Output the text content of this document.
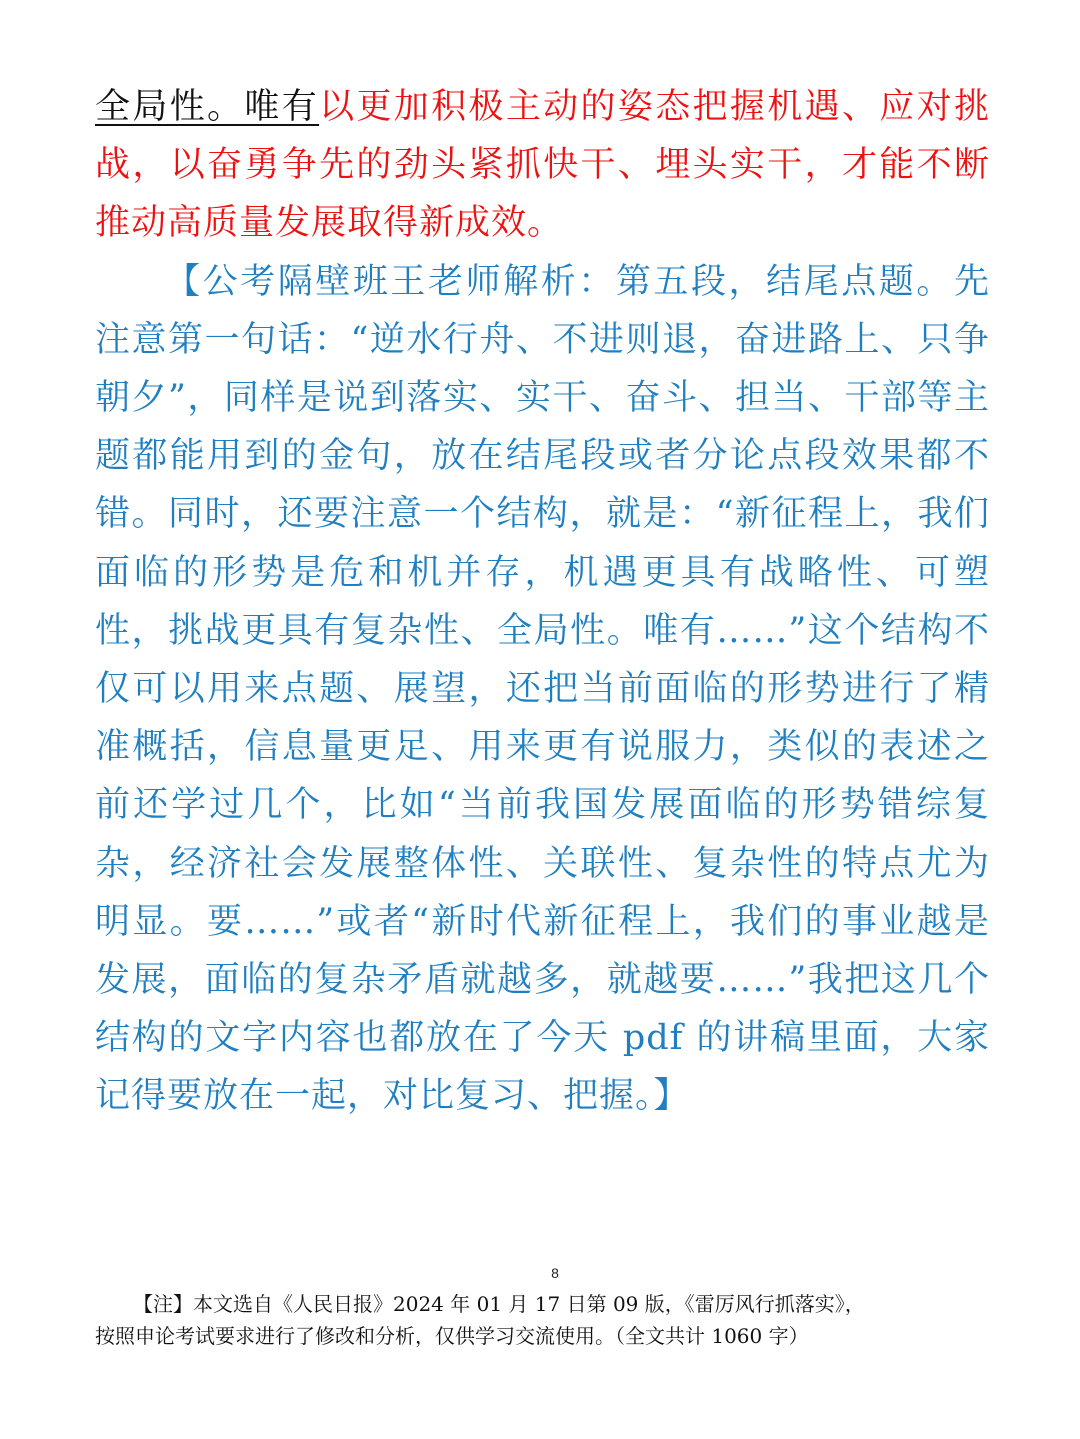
全局性。唯有以更加积极主动的姿态把握机遇、应对挑战，以奋勇争先的劲头紧抓快干、埋头实干，才能不断推动高质量发展取得新成效。

【公考隔壁班王老师解析：第五段，结尾点题。先注意第一句话：“逆水行舟、不进则退，奋进路上、只争朝夕”，同样是说到落实、实干、奋斗、担当、干部等主题都能用到的金句，放在结尾段或者分论点段效果都不错。同时，还要注意一个结构，就是：“新征程上，我们面临的形势是危和机并存，机遇更具有战略性、可塑性，挑战更具有复杂性、全局性。唯有……”这个结构不仅可以用来点题、展望，还把当前面临的形势进行了精准概括，信息量更足、用来更有说服力，类似的表述之前还学过几个，比如“当前我国发展面临的形势错综复杂，经济社会发展整体性、关联性、复杂性的特点尤为明显。要……”或者“新时代新征程上，我们的事业越是发展，面临的复杂矛盾就越多，就越要……”我把这几个结构的文字内容也都放在了今天 pdf 的讲稿里面，大家记得要放在一起，对比复习、把握。】

8

【注】本文选自《人民日报》2024 年 01 月 17 日第 09 版，《雷厉风行抓落实》，
按照申论考试要求进行了修改和分析，仅供学习交流使用。（全文共计 1060 字）
